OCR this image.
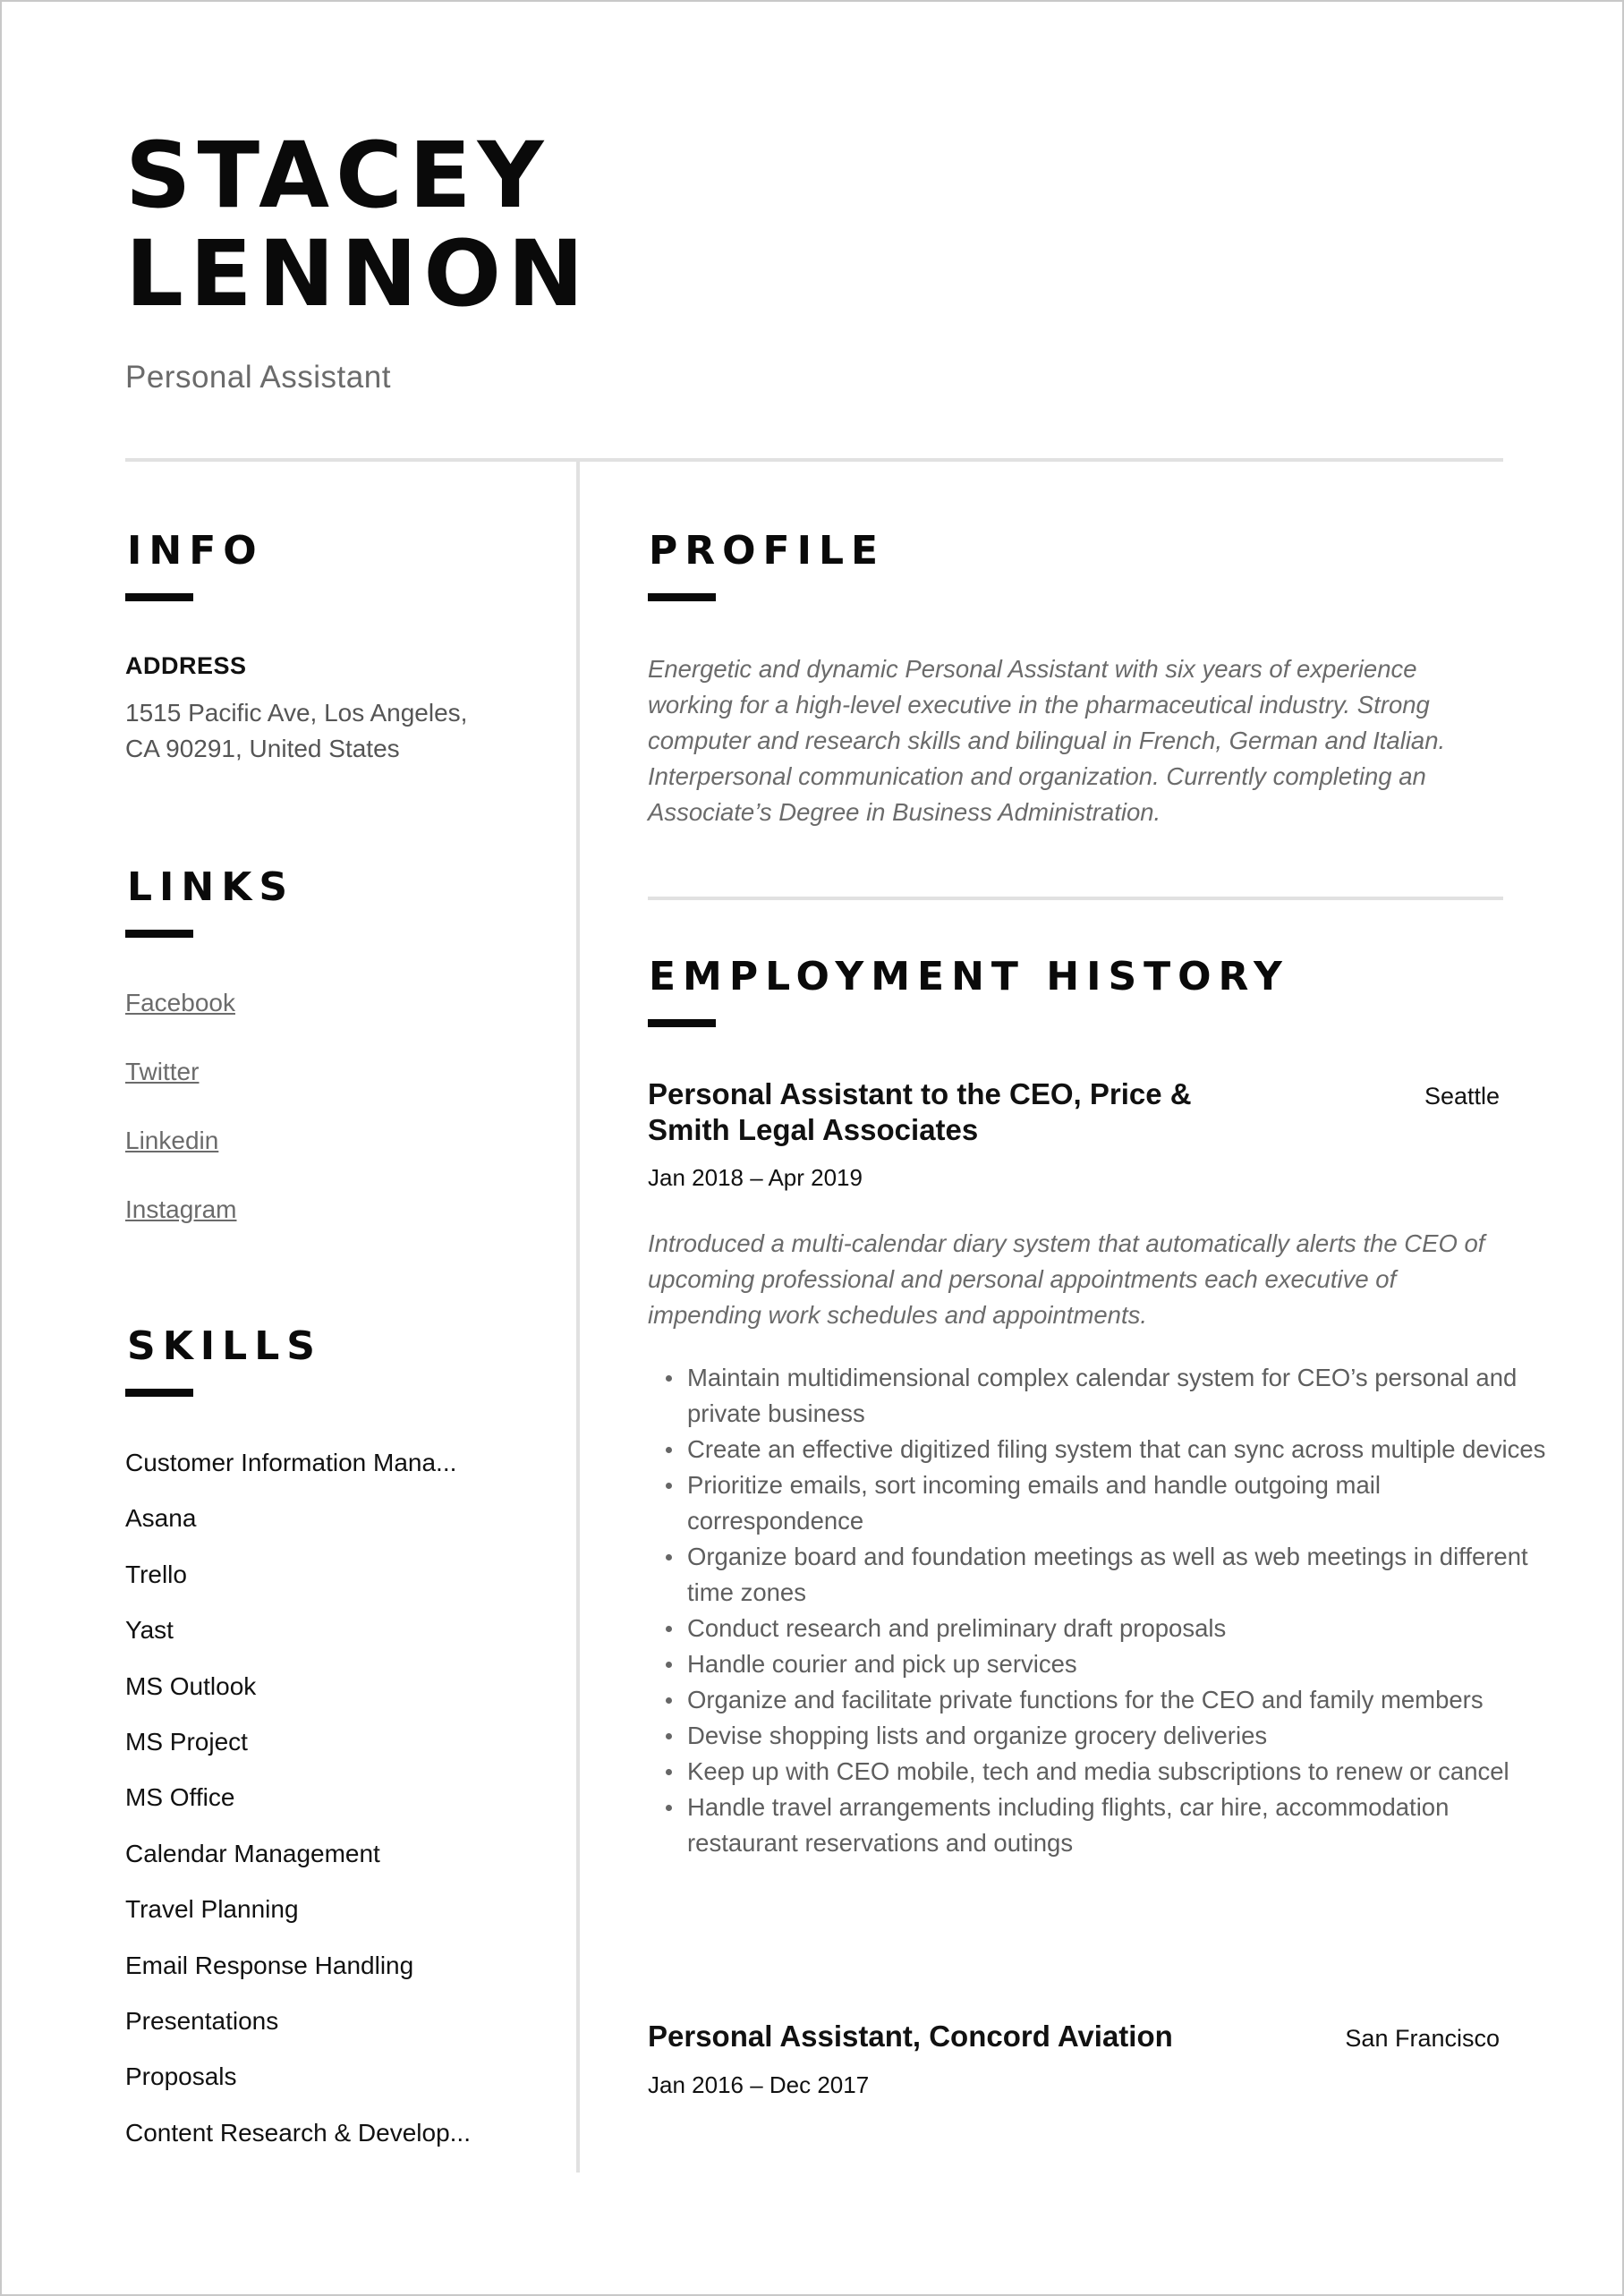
STACEY
LENNON
Personal Assistant
INFO
ADDRESS
1515 Pacific Ave, Los Angeles,
CA 90291, United States
LINKS
Facebook
Twitter
Linkedin
Instagram
SKILLS
Customer Information Mana...
Asana
Trello
Yast
MS Outlook
MS Project
MS Office
Calendar Management
Travel Planning
Email Response Handling
Presentations
Proposals
Content Research & Develop...
PROFILE

Energetic and dynamic Personal Assistant with six years of experience working for a high-level executive in the pharmaceutical industry. Strong computer and research skills and bilingual in French, German and Italian. Interpersonal communication and organization. Currently completing an Associate’s Degree in Business Administration.

EMPLOYMENT HISTORY
Personal Assistant to the CEO, Price &
Smith Legal Associates
Seattle
Jan 2018 – Apr 2019

Introduced a multi-calendar diary system that automatically alerts the CEO of upcoming professional and personal appointments each executive of impending work schedules and appointments.

Maintain multidimensional complex calendar system for CEO’s personal and private business
Create an effective digitized filing system that can sync across multiple devices
Prioritize emails, sort incoming emails and handle outgoing mail correspondence
Organize board and foundation meetings as well as web meetings in different time zones
Conduct research and preliminary draft proposals
Handle courier and pick up services
Organize and facilitate private functions for the CEO and family members
Devise shopping lists and organize grocery deliveries
Keep up with CEO mobile, tech and media subscriptions to renew or cancel
Handle travel arrangements including flights, car hire, accommodation restaurant reservations and outings
Personal Assistant, Concord Aviation	San Francisco
Jan 2016 – Dec 2017
